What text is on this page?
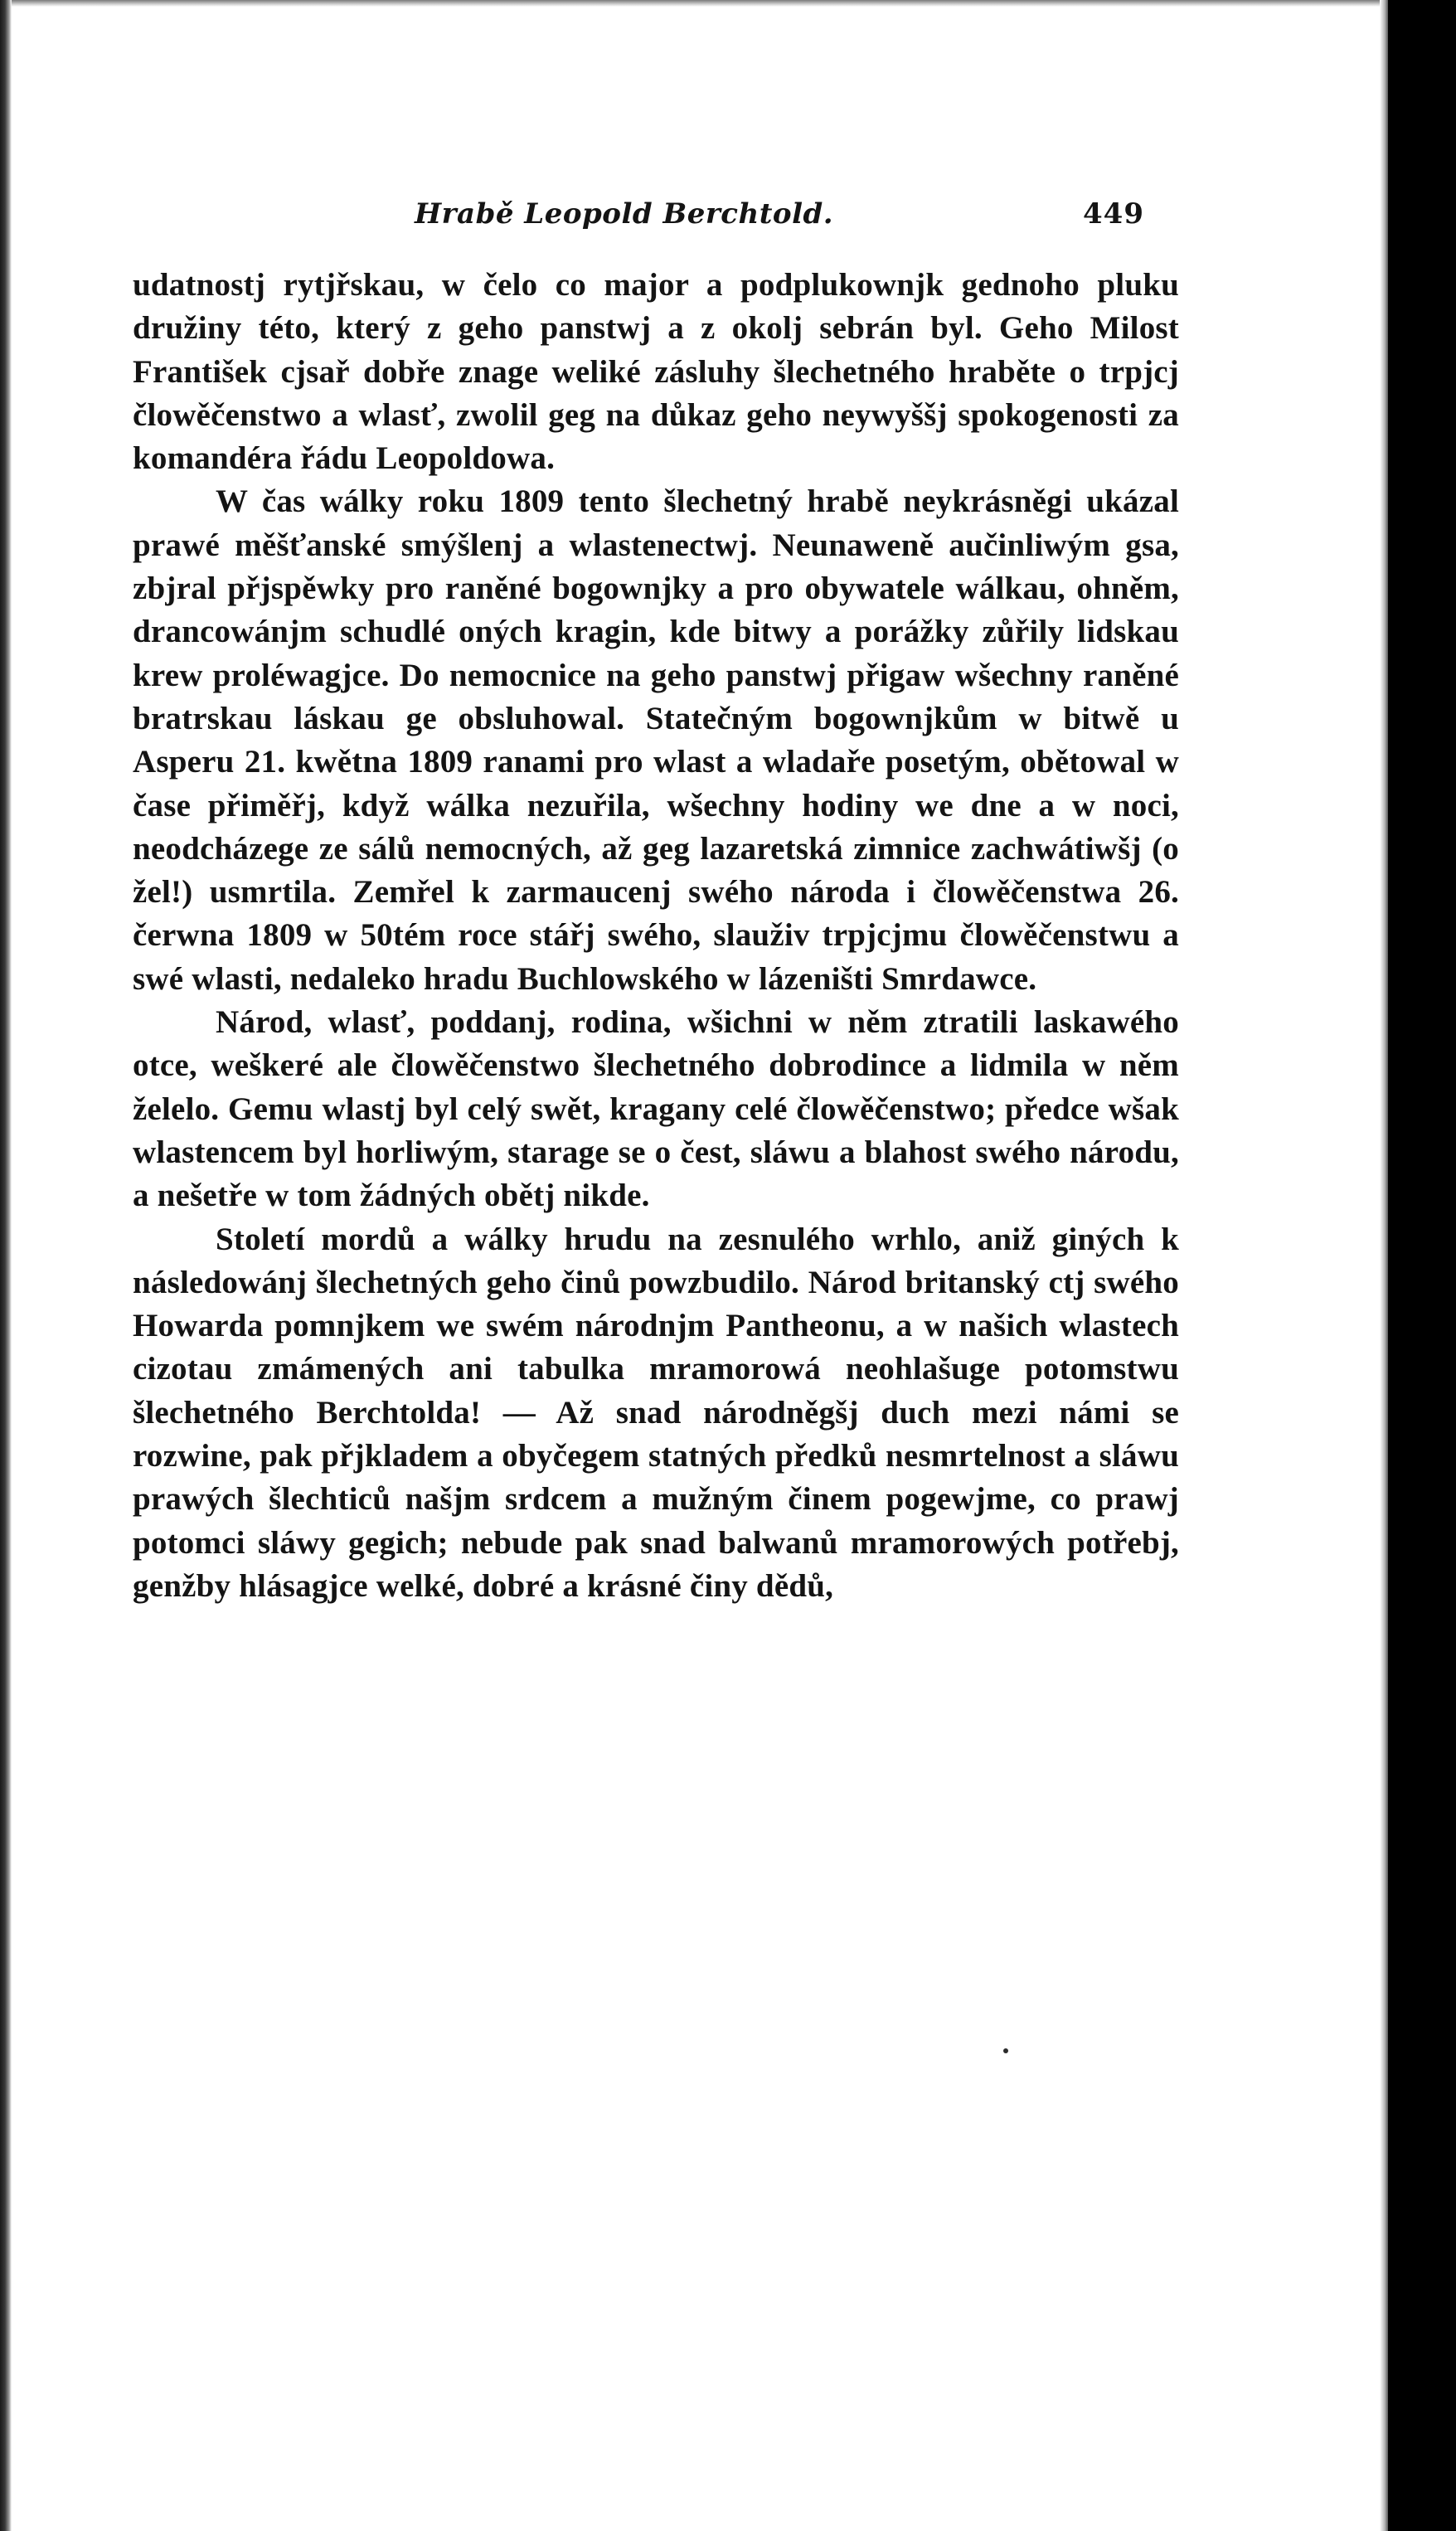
Hrabě Leopold Berchtold.	449

udatnostj rytjřskau, w čelo co major a podplukownjk gednoho pluku družiny této, který z geho panstwj a z okolj sebrán byl. Geho Milost František cjsař dobře znage weliké zásluhy šlechetného hraběte o trpjcj člowěčenstwo a wlasť, zwolil geg na důkaz geho neywyššj spokogenosti za komandéra řádu Leopoldowa.

W čas wálky roku 1809 tento šlechetný hrabě neykrásněgi ukázal prawé měšťanské smýšlenj a wlastenectwj. Neunaweně aučinliwým gsa, zbjral přjspěwky pro raněné bogownjky a pro obywatele wálkau, ohněm, drancowánjm schudlé oných kragin, kde bitwy a porážky zůřily lidskau krew proléwagjce. Do nemocnice na geho panstwj přigaw wšechny raněné bratrskau láskau ge obsluhowal. Statečným bogownjkům w bitwě u Asperu 21. kwětna 1809 ranami pro wlast a wladaře posetým, obětowal w čase přiměřj, když wálka nezuřila, wšechny hodiny we dne a w noci, neodcházege ze sálů nemocných, až geg lazaretská zimnice zachwátiwšj (o žel!) usmrtila. Zemřel k zarmaucenj swého národa i člowěčenstwa 26. čerwna 1809 w 50tém roce stářj swého, slauživ trpjcjmu člowěčenstwu a swé wlasti, nedaleko hradu Buchlowského w lázeništi Smrdawce.

Národ, wlasť, poddanj, rodina, wšichni w něm ztratili laskawého otce, weškeré ale člowěčenstwo šlechetného dobrodince a lidmila w něm želelo. Gemu wlastj byl celý swět, kragany celé člowěčenstwo; předce wšak wlastencem byl horliwým, starage se o čest, sláwu a blahost swého národu, a nešetře w tom žádných obětj nikde.

Století mordů a wálky hrudu na zesnulého wrhlo, aniž giných k následowánj šlechetných geho činů powzbudilo. Národ britanský ctj swého Howarda pomnjkem we swém národnjm Pantheonu, a w našich wlastech cizotau zmámených ani tabulka mramorowá neohlašuge potomstwu šlechetného Berchtolda! — Až snad národněgšj duch mezi námi se rozwine, pak přjkladem a obyčegem statných předků nesmrtelnost a sláwu prawých šlechticů našjm srdcem a mužným činem pogewjme, co prawj potomci sláwy gegich; nebude pak snad balwanů mramorowých potřebj, genžby hlásagjce welké, dobré a krásné činy dědů,
